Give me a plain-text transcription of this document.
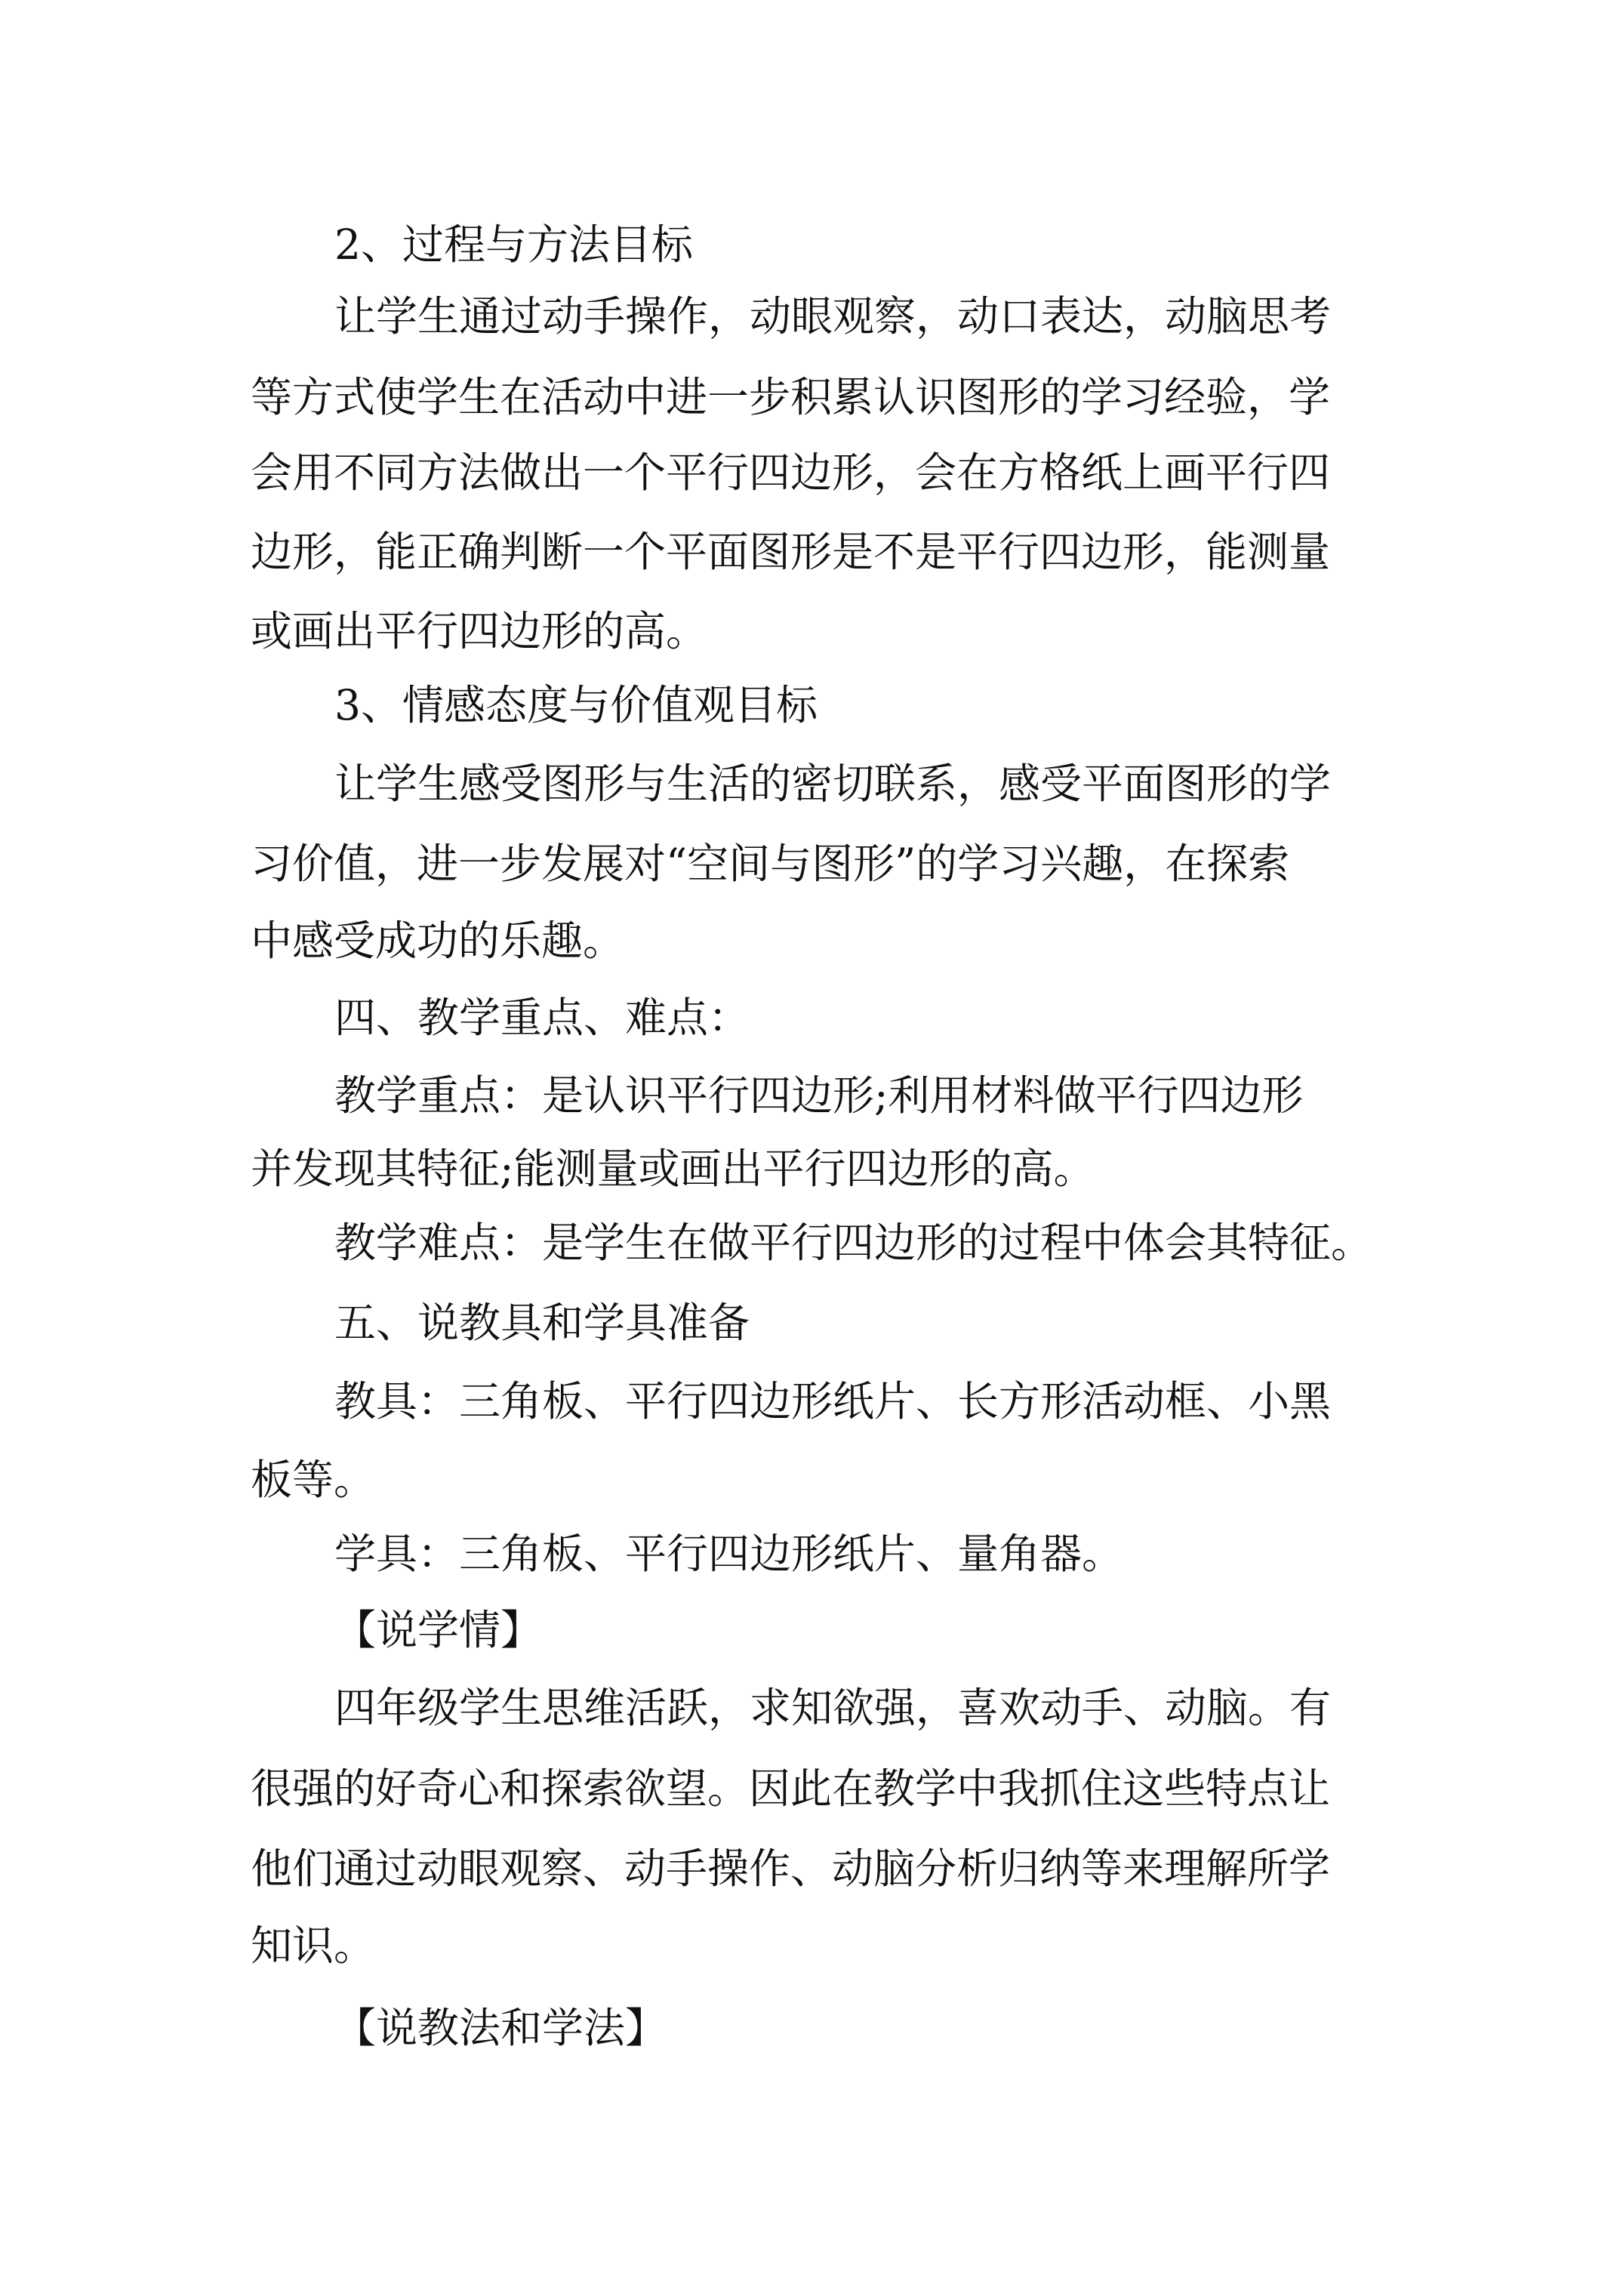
2、过程与方法目标
让学生通过动手操作，动眼观察，动口表达，动脑思考
等方式使学生在活动中进一步积累认识图形的学习经验，学
会用不同方法做出一个平行四边形，会在方格纸上画平行四
边形，能正确判断一个平面图形是不是平行四边形，能测量
或画出平行四边形的高。
3、情感态度与价值观目标
让学生感受图形与生活的密切联系，感受平面图形的学
习价值，进一步发展对“空间与图形”的学习兴趣，在探索
中感受成功的乐趣。
四、教学重点、难点：
教学重点：是认识平行四边形;利用材料做平行四边形
并发现其特征;能测量或画出平行四边形的高。
教学难点：是学生在做平行四边形的过程中体会其特征。
五、说教具和学具准备
教具：三角板、平行四边形纸片、长方形活动框、小黑
板等。
学具：三角板、平行四边形纸片、量角器。
【说学情】
四年级学生思维活跃，求知欲强，喜欢动手、动脑。有
很强的好奇心和探索欲望。因此在教学中我抓住这些特点让
他们通过动眼观察、动手操作、动脑分析归纳等来理解所学
知识。
【说教法和学法】
